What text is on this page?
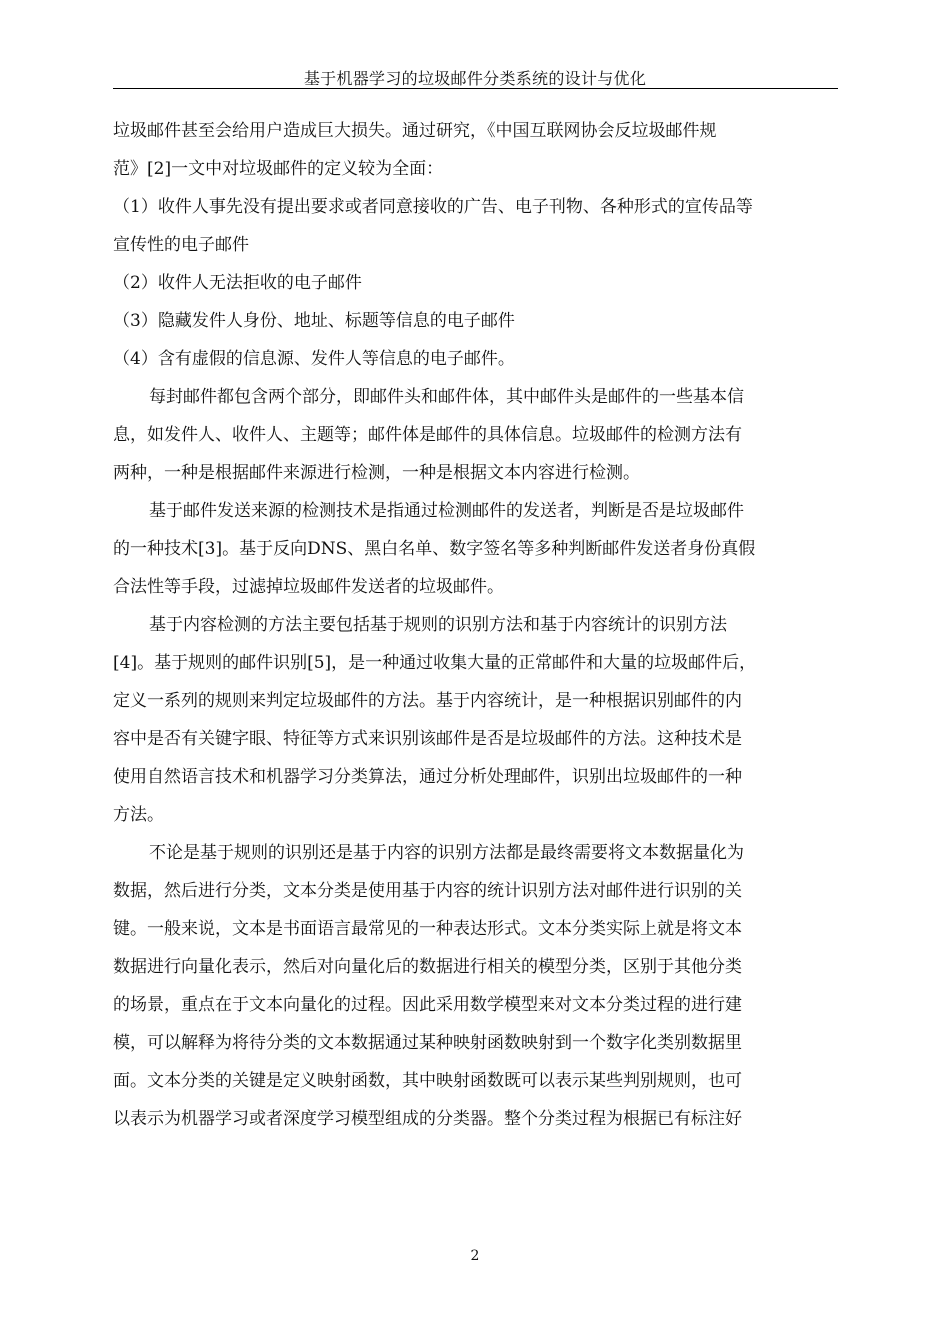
基于机器学习的垃圾邮件分类系统的设计与优化
垃圾邮件甚至会给用户造成巨大损失。通过研究，《中国互联网协会反垃圾邮件规
范》[2]一文中对垃圾邮件的定义较为全面：
（1）收件人事先没有提出要求或者同意接收的广告、电子刊物、各种形式的宣传品等
宣传性的电子邮件
（2）收件人无法拒收的电子邮件
（3）隐藏发件人身份、地址、标题等信息的电子邮件
（4）含有虚假的信息源、发件人等信息的电子邮件。
每封邮件都包含两个部分，即邮件头和邮件体，其中邮件头是邮件的一些基本信
息，如发件人、收件人、主题等；邮件体是邮件的具体信息。垃圾邮件的检测方法有
两种，一种是根据邮件来源进行检测，一种是根据文本内容进行检测。
基于邮件发送来源的检测技术是指通过检测邮件的发送者，判断是否是垃圾邮件
的一种技术[3]。基于反向DNS、黑白名单、数字签名等多种判断邮件发送者身份真假
合法性等手段，过滤掉垃圾邮件发送者的垃圾邮件。
基于内容检测的方法主要包括基于规则的识别方法和基于内容统计的识别方法
[4]。基于规则的邮件识别[5]，是一种通过收集大量的正常邮件和大量的垃圾邮件后，
定义一系列的规则来判定垃圾邮件的方法。基于内容统计，是一种根据识别邮件的内
容中是否有关键字眼、特征等方式来识别该邮件是否是垃圾邮件的方法。这种技术是
使用自然语言技术和机器学习分类算法，通过分析处理邮件，识别出垃圾邮件的一种
方法。
不论是基于规则的识别还是基于内容的识别方法都是最终需要将文本数据量化为
数据，然后进行分类，文本分类是使用基于内容的统计识别方法对邮件进行识别的关
键。一般来说，文本是书面语言最常见的一种表达形式。文本分类实际上就是将文本
数据进行向量化表示，然后对向量化后的数据进行相关的模型分类，区别于其他分类
的场景，重点在于文本向量化的过程。因此采用数学模型来对文本分类过程的进行建
模，可以解释为将待分类的文本数据通过某种映射函数映射到一个数字化类别数据里
面。文本分类的关键是定义映射函数，其中映射函数既可以表示某些判别规则，也可
以表示为机器学习或者深度学习模型组成的分类器。整个分类过程为根据已有标注好
2
